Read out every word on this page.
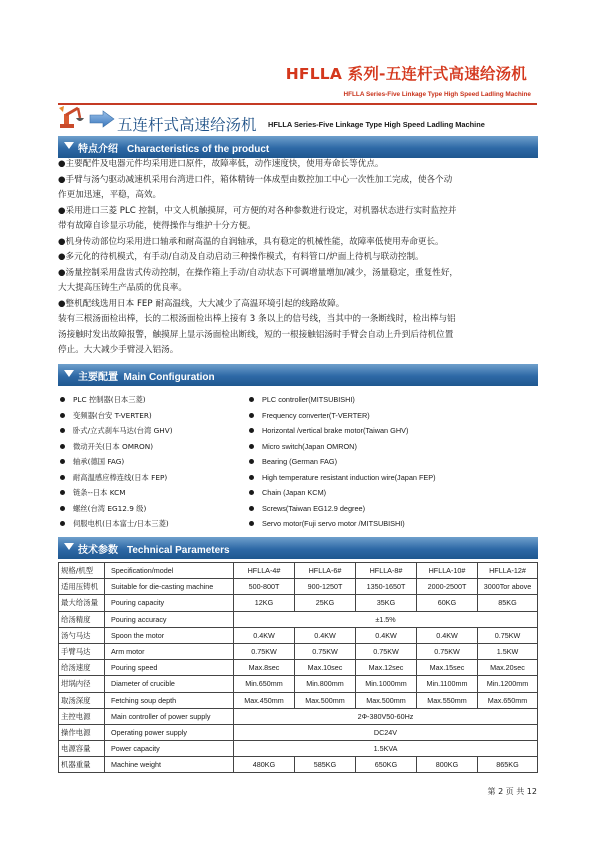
HFLLA 系列-五连杆式高速给汤机
HFLLA Series-Five Linkage Type High Speed Ladling Machine
五连杆式高速给汤机 HFLLA Series-Five Linkage Type High Speed Ladling Machine
特点介绍 Characteristics of the product

●主要配件及电器元件均采用进口原件，故障率低，动作速度快，使用寿命长等优点。

●手臂与汤勺驱动减速机采用台湾进口件，箱体精铸一体成型由数控加工中心一次性加工完成，使各个动

作更加迅速，平稳，高效。

●采用进口三菱 PLC 控制，中文人机触摸屏，可方便的对各种参数进行设定，对机器状态进行实时监控并

带有故障自诊显示功能，使得操作与维护十分方便。

●机身传动部位均采用进口轴承和耐高温的自润轴承，具有稳定的机械性能，故障率低使用寿命更长。

●多元化的待机模式，有手动/自动及自动启动三种操作模式，有料管口/炉面上待机与联动控制。

●汤量控制采用盘齿式传动控制，在操作箱上手动/自动状态下可调增量增加/减少，汤量稳定，重复性好，

大大提高压铸生产品质的优良率。

●整机配线选用日本 FEP 耐高温线，大大减少了高温环境引起的线路故障。

装有三根汤面检出棒，长的二根汤面检出棒上接有 3 条以上的信号线，当其中的一条断线时，检出棒与铝

汤接触时发出故障报警，触摸屏上显示汤面检出断线，短的一根接触铝汤时手臂会自动上升到后待机位置

停止。大大减少手臂浸入铝汤。

主要配置 Main Configuration
PLC 控制器(日本三菱)
变频器(台安 T-VERTER)
卧式/立式刹车马达(台湾 GHV)
微动开关(日本 OMRON)
轴承(德国 FAG)
耐高温感应棒连线(日本 FEP)
链条--日本 KCM
螺丝(台湾 EG12.9 级)
伺服电机(日本富士/日本三菱)
PLC controller(MITSUBISHI)
Frequency converter(T-VERTER)
Horizontal /vertical brake motor(Taiwan GHV)
Micro switch(Japan OMRON)
Bearing (German FAG)
High temperature resistant induction wire(Japan FEP)
Chain (Japan KCM)
Screws(Taiwan EG12.9 degree)
Servo motor(Fuji servo motor /MITSUBISHI)
技术参数 Technical Parameters
规格/机型	Specification/model	HFLLA-4#	HFLLA-6#	HFLLA-8#	HFLLA-10#	HFLLA-12#
适用压铸机	Suitable for die-casting machine	500-800T	900-1250T	1350-1650T	2000-2500T	3000Tor above
最大给汤量	Pouring capacity	12KG	25KG	35KG	60KG	85KG
给汤精度	Pouring accuracy	±1.5%				
汤勺马达	Spoon the motor	0.4KW	0.4KW	0.4KW	0.4KW	0.75KW
手臂马达	Arm motor	0.75KW	0.75KW	0.75KW	0.75KW	1.5KW
给汤速度	Pouring speed	Max.8sec	Max.10sec	Max.12sec	Max.15sec	Max.20sec
坩埚内径	Diameter of crucible	Min.650mm	Min.800mm	Min.1000mm	Min.1100mm	Min.1200mm
取汤深度	Fetching soup depth	Max.450mm	Max.500mm	Max.500mm	Max.550mm	Max.650mm
主控电源	Main controller of power supply	2Ф-380V50-60Hz				
操作电源	Operating power supply	DC24V				
电源容量	Power capacity	1.5KVA				
机器重量	Machine weight	480KG	585KG	650KG	800KG	865KG
第 2 页 共 12
